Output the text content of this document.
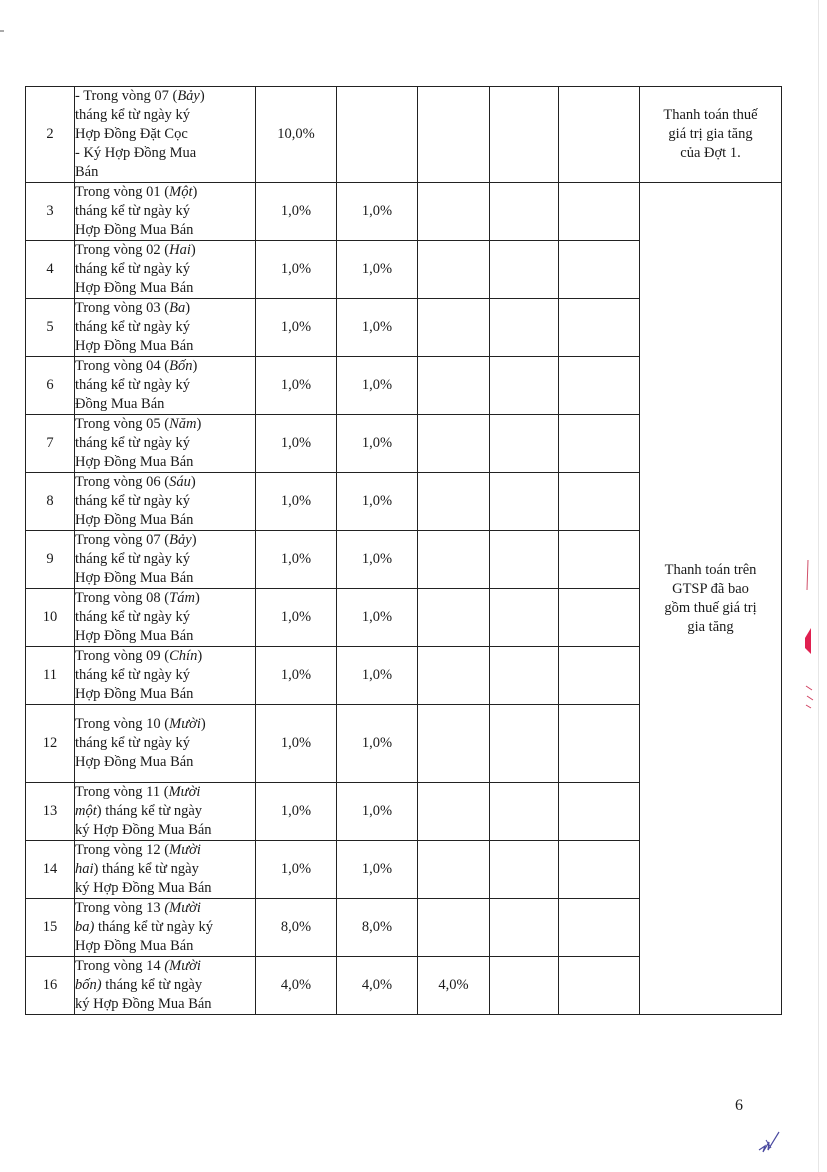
2	- Trong vòng 07 (Bảy)
tháng kể từ ngày ký
Hợp Đồng Đặt Cọc
- Ký Hợp Đồng Mua
Bán	10,0%					Thanh toán thuế
giá trị gia tăng
của Đợt 1.

3	Trong vòng 01 (Một)
tháng kể từ ngày ký
Hợp Đồng Mua Bán	1,0%	1,0%				Thanh toán trên
GTSP đã bao
gồm thuế giá trị
gia tăng

4	Trong vòng 02 (Hai)
tháng kể từ ngày ký
Hợp Đồng Mua Bán	1,0%	1,0%				
5	Trong vòng 03 (Ba)
tháng kể từ ngày ký
Hợp Đồng Mua Bán	1,0%	1,0%				
6	Trong vòng 04 (Bốn)
tháng kể từ ngày ký
Đồng Mua Bán	1,0%	1,0%				
7	Trong vòng 05 (Năm)
tháng kể từ ngày ký
Hợp Đồng Mua Bán	1,0%	1,0%				
8	Trong vòng 06 (Sáu)
tháng kể từ ngày ký
Hợp Đồng Mua Bán	1,0%	1,0%				
9	Trong vòng 07 (Bảy)
tháng kể từ ngày ký
Hợp Đồng Mua Bán	1,0%	1,0%				
10	Trong vòng 08 (Tám)
tháng kể từ ngày ký
Hợp Đồng Mua Bán	1,0%	1,0%				
11	Trong vòng 09 (Chín)
tháng kể từ ngày ký
Hợp Đồng Mua Bán	1,0%	1,0%				
12	Trong vòng 10 (Mười)
tháng kể từ ngày ký
Hợp Đồng Mua Bán	1,0%	1,0%				
13	Trong vòng 11 (Mười
một) tháng kể từ ngày
ký Hợp Đồng Mua Bán	1,0%	1,0%				
14	Trong vòng 12 (Mười
hai) tháng kể từ ngày
ký Hợp Đồng Mua Bán	1,0%	1,0%				
15	Trong vòng 13 (Mười
ba) tháng kể từ ngày ký
Hợp Đồng Mua Bán	8,0%	8,0%				
16	Trong vòng 14 (Mười
bốn) tháng kể từ ngày
ký Hợp Đồng Mua Bán	4,0%	4,0%	4,0%			
6
